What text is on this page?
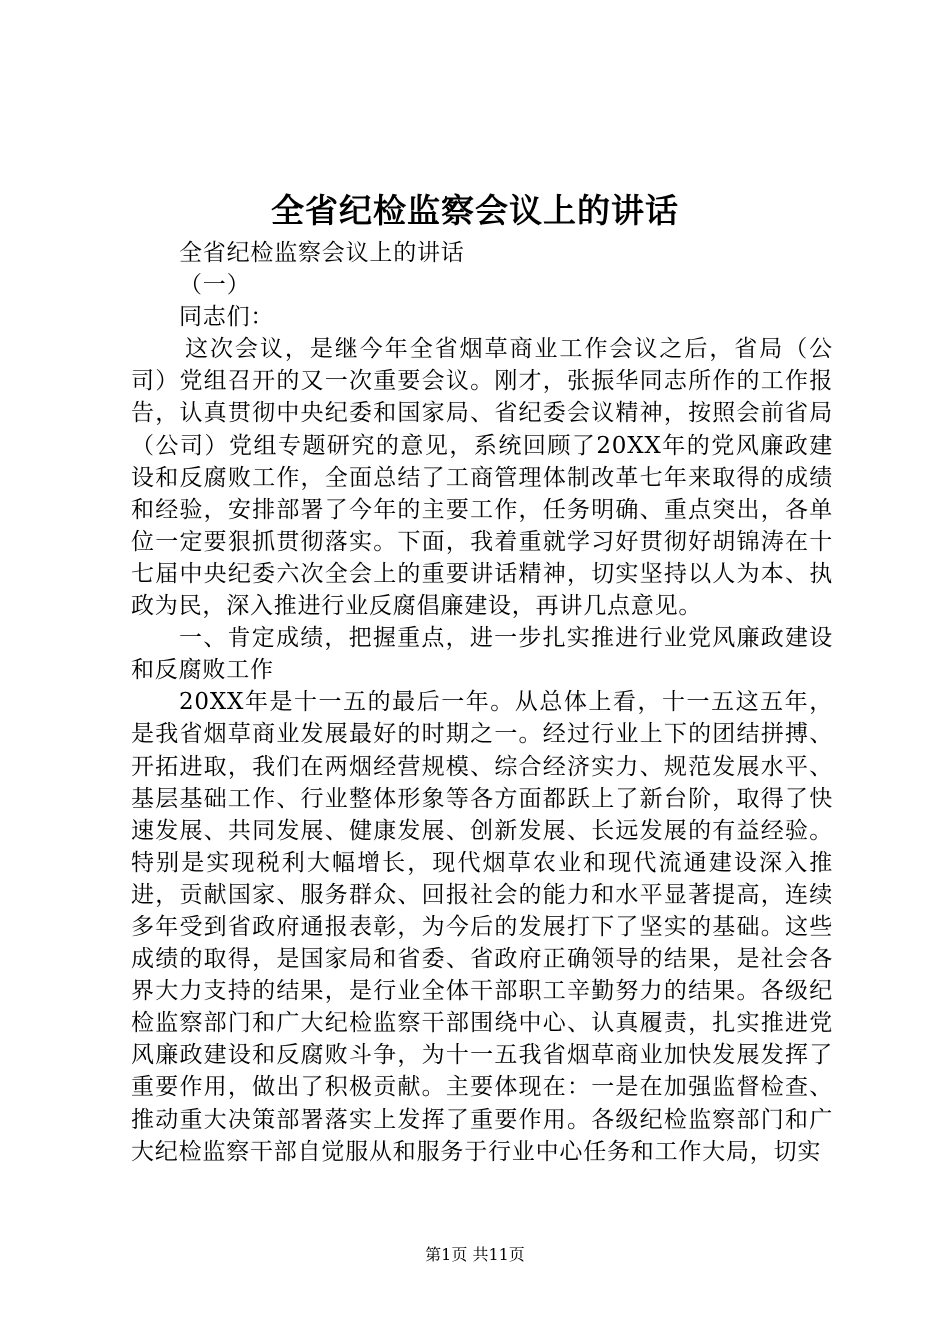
全省纪检监察会议上的讲话

全省纪检监察会议上的讲话

（一）

同志们：

这次会议，是继今年全省烟草商业工作会议之后，省局（公司）党组召开的又一次重要会议。刚才，张振华同志所作的工作报告，认真贯彻中央纪委和国家局、省纪委会议精神，按照会前省局（公司）党组专题研究的意见，系统回顾了20XX年的党风廉政建设和反腐败工作，全面总结了工商管理体制改革七年来取得的成绩和经验，安排部署了今年的主要工作，任务明确、重点突出，各单位一定要狠抓贯彻落实。下面，我着重就学习好贯彻好胡锦涛在十七届中央纪委六次全会上的重要讲话精神，切实坚持以人为本、执政为民，深入推进行业反腐倡廉建设，再讲几点意见。

一、肯定成绩，把握重点，进一步扎实推进行业党风廉政建设和反腐败工作

20XX年是十一五的最后一年。从总体上看，十一五这五年，是我省烟草商业发展最好的时期之一。经过行业上下的团结拼搏、开拓进取，我们在两烟经营规模、综合经济实力、规范发展水平、基层基础工作、行业整体形象等各方面都跃上了新台阶，取得了快速发展、共同发展、健康发展、创新发展、长远发展的有益经验。特别是实现税利大幅增长，现代烟草农业和现代流通建设深入推进，贡献国家、服务群众、回报社会的能力和水平显著提高，连续多年受到省政府通报表彰，为今后的发展打下了坚实的基础。这些成绩的取得，是国家局和省委、省政府正确领导的结果，是社会各界大力支持的结果，是行业全体干部职工辛勤努力的结果。各级纪检监察部门和广大纪检监察干部围绕中心、认真履责，扎实推进党风廉政建设和反腐败斗争，为十一五我省烟草商业加快发展发挥了重要作用，做出了积极贡献。主要体现在：一是在加强监督检查、推动重大决策部署落实上发挥了重要作用。各级纪检监察部门和广大纪检监察干部自觉服从和服务于行业中心任务和工作大局，切实

第1页 共11页
